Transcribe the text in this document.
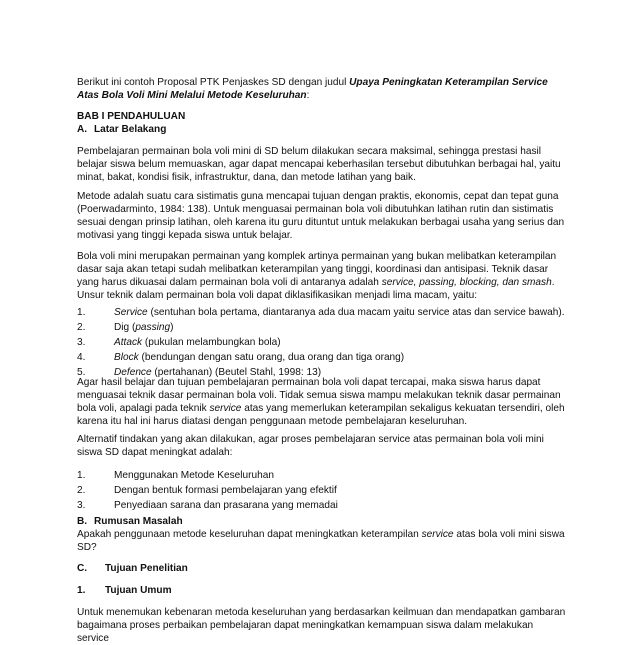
Berikut ini contoh Proposal PTK Penjaskes SD dengan judul Upaya Peningkatan Keterampilan Service Atas Bola Voli Mini Melalui Metode Keseluruhan:

BAB I PENDAHULUAN

A. Latar Belakang

Pembelajaran permainan bola voli mini di SD belum dilakukan secara maksimal, sehingga prestasi hasil belajar siswa belum memuaskan, agar dapat mencapai keberhasilan tersebut dibutuhkan berbagai hal, yaitu minat, bakat, kondisi fisik, infrastruktur, dana, dan metode latihan yang baik.

Metode adalah suatu cara sistimatis guna mencapai tujuan dengan praktis, ekonomis, cepat dan tepat guna (Poerwadarminto, 1984: 138). Untuk menguasai permainan bola voli dibutuhkan latihan rutin dan sistimatis sesuai dengan prinsip latihan, oleh karena itu guru dituntut untuk melakukan berbagai usaha yang serius dan motivasi yang tinggi kepada siswa untuk belajar.

Bola voli mini merupakan permainan yang komplek artinya permainan yang bukan melibatkan keterampilan dasar saja akan tetapi sudah melibatkan keterampilan yang tinggi, koordinasi dan antisipasi. Teknik dasar yang harus dikuasai dalam permainan bola voli di antaranya adalah service, passing, blocking, dan smash. Unsur teknik dalam permainan bola voli dapat diklasifikasikan menjadi lima macam, yaitu:

1.	Service (sentuhan bola pertama, diantaranya ada dua macam yaitu service atas dan service bawah).
2.	Dig (passing)
3.	Attack (pukulan melambungkan bola)
4.	Block (bendungan dengan satu orang, dua orang dan tiga orang)
5.	Defence (pertahanan) (Beutel Stahl, 1998: 13)

Agar hasil belajar dan tujuan pembelajaran permainan bola voli dapat tercapai, maka siswa harus dapat menguasai teknik dasar permainan bola voli. Tidak semua siswa mampu melakukan teknik dasar permainan bola voli, apalagi pada teknik service atas yang memerlukan keterampilan sekaligus kekuatan tersendiri, oleh karena itu hal ini harus diatasi dengan penggunaan metode pembelajaran keseluruhan.

Alternatif tindakan yang akan dilakukan, agar proses pembelajaran service atas permainan bola voli mini siswa SD dapat meningkat adalah:

1.	Menggunakan Metode Keseluruhan
2.	Dengan bentuk formasi pembelajaran yang efektif
3.	Penyediaan sarana dan prasarana yang memadai

B. Rumusan Masalah

Apakah penggunaan metode keseluruhan dapat meningkatkan keterampilan service atas bola voli mini siswa SD?

C. Tujuan Penelitian

1. Tujuan Umum

Untuk menemukan kebenaran metoda keseluruhan yang berdasarkan keilmuan dan mendapatkan gambaran bagaimana proses perbaikan pembelajaran dapat meningkatkan kemampuan siswa dalam melakukan service
